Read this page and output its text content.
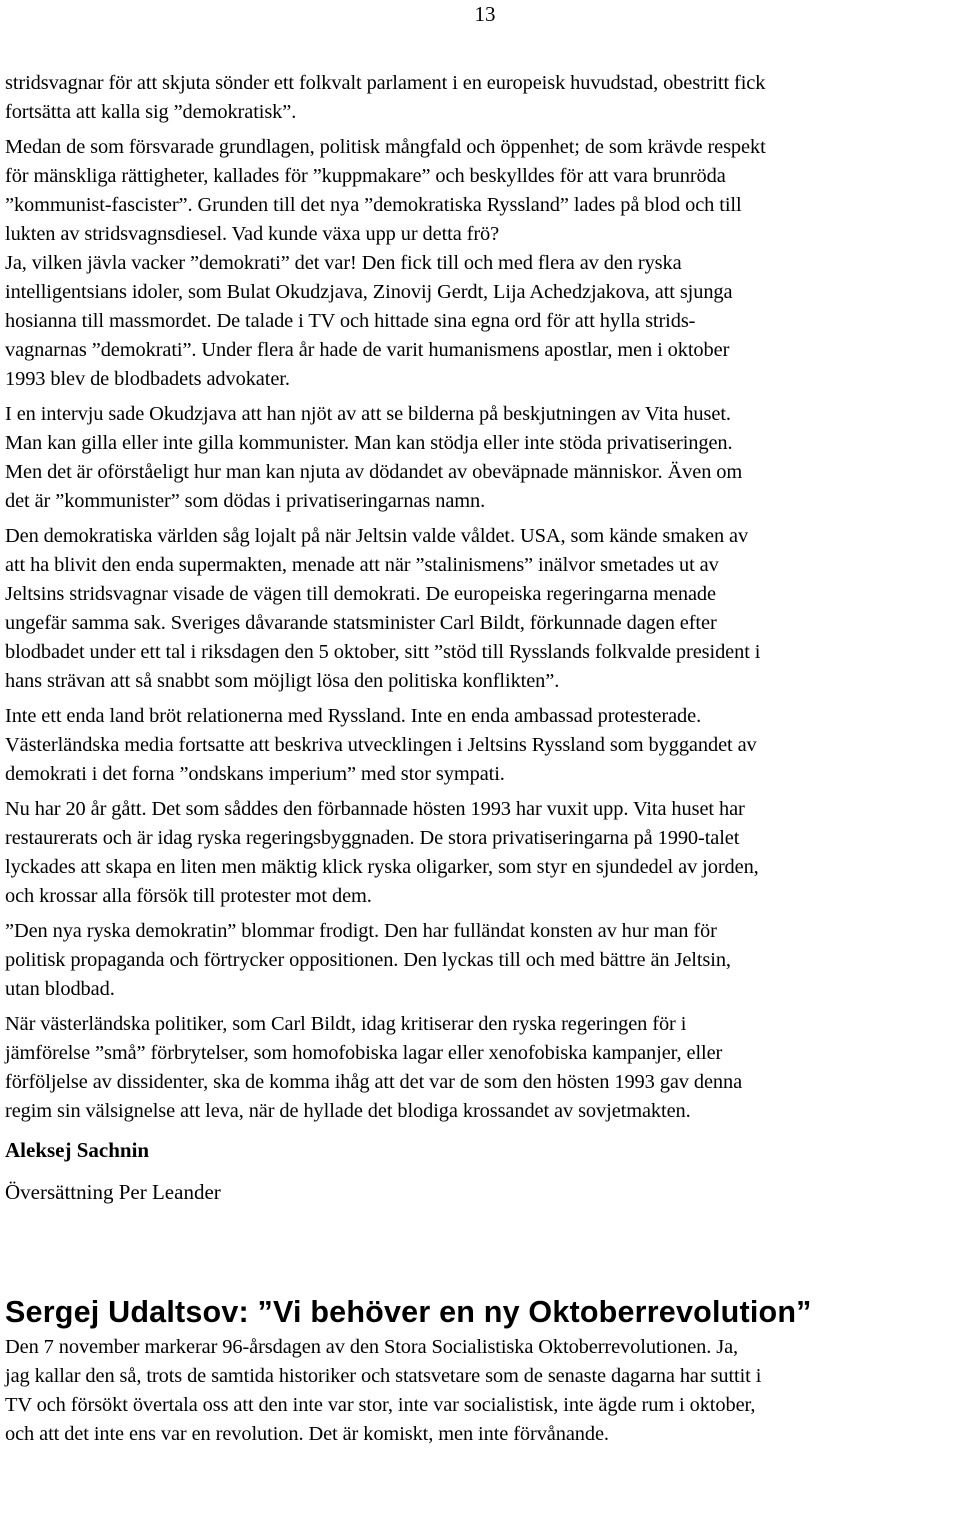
13

stridsvagnar för att skjuta sönder ett folkvalt parlament i en europeisk huvudstad, obestritt fick
fortsätta att kalla sig ”demokratisk”.

Medan de som försvarade grundlagen, politisk mångfald och öppenhet; de som krävde respekt
för mänskliga rättigheter, kallades för ”kuppmakare” och beskylldes för att vara brunröda
”kommunist-fascister”. Grunden till det nya ”demokratiska Ryssland” lades på blod och till
lukten av stridsvagnsdiesel. Vad kunde växa upp ur detta frö?

Ja, vilken jävla vacker ”demokrati” det var! Den fick till och med flera av den ryska
intelligentsians idoler, som Bulat Okudzjava, Zinovij Gerdt, Lija Achedzjakova, att sjunga
hosianna till massmordet. De talade i TV och hittade sina egna ord för att hylla strids-
vagnarnas ”demokrati”. Under flera år hade de varit humanismens apostlar, men i oktober
1993 blev de blodbadets advokater.

I en intervju sade Okudzjava att han njöt av att se bilderna på beskjutningen av Vita huset.
Man kan gilla eller inte gilla kommunister. Man kan stödja eller inte stöda privatiseringen.
Men det är oförståeligt hur man kan njuta av dödandet av obeväpnade människor. Även om
det är ”kommunister” som dödas i privatiseringarnas namn.

Den demokratiska världen såg lojalt på när Jeltsin valde våldet. USA, som kände smaken av
att ha blivit den enda supermakten, menade att när ”stalinismens” inälvor smetades ut av
Jeltsins stridsvagnar visade de vägen till demokrati. De europeiska regeringarna menade
ungefär samma sak. Sveriges dåvarande statsminister Carl Bildt, förkunnade dagen efter
blodbadet under ett tal i riksdagen den 5 oktober, sitt ”stöd till Rysslands folkvalde president i
hans strävan att så snabbt som möjligt lösa den politiska konflikten”.

Inte ett enda land bröt relationerna med Ryssland. Inte en enda ambassad protesterade.
Västerländska media fortsatte att beskriva utvecklingen i Jeltsins Ryssland som byggandet av
demokrati i det forna ”ondskans imperium” med stor sympati.

Nu har 20 år gått. Det som såddes den förbannade hösten 1993 har vuxit upp. Vita huset har
restaurerats och är idag ryska regeringsbyggnaden. De stora privatiseringarna på 1990-talet
lyckades att skapa en liten men mäktig klick ryska oligarker, som styr en sjundedel av jorden,
och krossar alla försök till protester mot dem.

”Den nya ryska demokratin” blommar frodigt. Den har fulländat konsten av hur man för
politisk propaganda och förtrycker oppositionen. Den lyckas till och med bättre än Jeltsin,
utan blodbad.

När västerländska politiker, som Carl Bildt, idag kritiserar den ryska regeringen för i
jämförelse ”små” förbrytelser, som homofobiska lagar eller xenofobiska kampanjer, eller
förföljelse av dissidenter, ska de komma ihåg att det var de som den hösten 1993 gav denna
regim sin välsignelse att leva, när de hyllade det blodiga krossandet av sovjetmakten.

Aleksej Sachnin
Översättning Per Leander
Sergej Udaltsov: ”Vi behöver en ny Oktoberrevolution”

Den 7 november markerar 96-årsdagen av den Stora Socialistiska Oktoberrevolutionen. Ja,
jag kallar den så, trots de samtida historiker och statsvetare som de senaste dagarna har suttit i
TV och försökt övertala oss att den inte var stor, inte var socialistisk, inte ägde rum i oktober,
och att det inte ens var en revolution. Det är komiskt, men inte förvånande.
